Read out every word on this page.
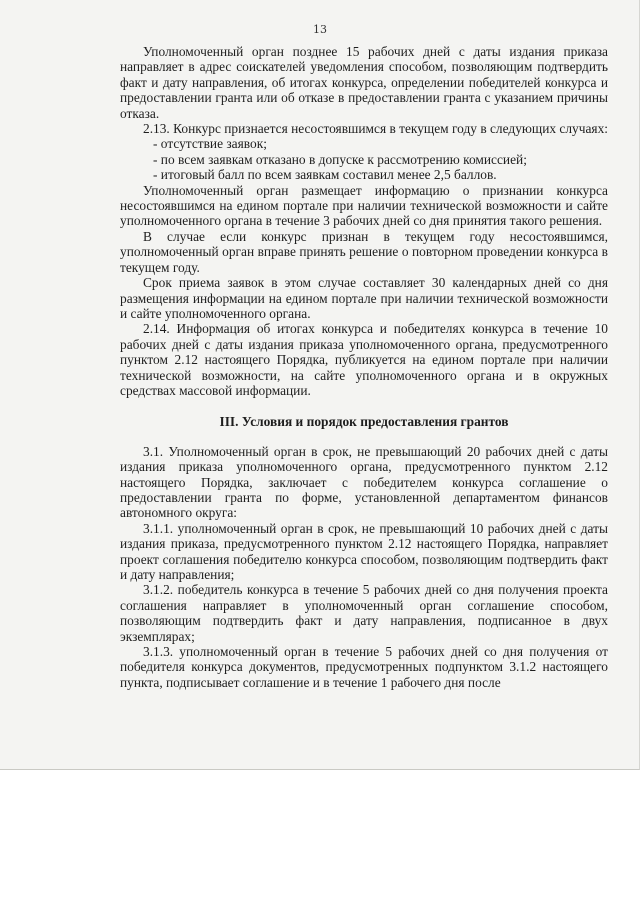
13

Уполномоченный орган позднее 15 рабочих дней с даты издания приказа направляет в адрес соискателей уведомления способом, позволяющим подтвердить факт и дату направления, об итогах конкурса, определении победителей конкурса и предоставлении гранта или об отказе в предоставлении гранта с указанием причины отказа.

2.13. Конкурс признается несостоявшимся в текущем году в следующих случаях:

- отсутствие заявок;

- по всем заявкам отказано в допуске к рассмотрению комиссией;

- итоговый балл по всем заявкам составил менее 2,5 баллов.

Уполномоченный орган размещает информацию о признании конкурса несостоявшимся на едином портале при наличии технической возможности и сайте уполномоченного органа в течение 3 рабочих дней со дня принятия такого решения.

В случае если конкурс признан в текущем году несостоявшимся, уполномоченный орган вправе принять решение о повторном проведении конкурса в текущем году.

Срок приема заявок в этом случае составляет 30 календарных дней со дня размещения информации на едином портале при наличии технической возможности и сайте уполномоченного органа.

2.14. Информация об итогах конкурса и победителях конкурса в течение 10 рабочих дней с даты издания приказа уполномоченного органа, предусмотренного пунктом 2.12 настоящего Порядка, публикуется на едином портале при наличии технической возможности, на сайте уполномоченного органа и в окружных средствах массовой информации.

III. Условия и порядок предоставления грантов

3.1. Уполномоченный орган в срок, не превышающий 20 рабочих дней с даты издания приказа уполномоченного органа, предусмотренного пунктом 2.12 настоящего Порядка, заключает с победителем конкурса соглашение о предоставлении гранта по форме, установленной департаментом финансов автономного округа:

3.1.1. уполномоченный орган в срок, не превышающий 10 рабочих дней с даты издания приказа, предусмотренного пунктом 2.12 настоящего Порядка, направляет проект соглашения победителю конкурса способом, позволяющим подтвердить факт и дату направления;

3.1.2. победитель конкурса в течение 5 рабочих дней со дня получения проекта соглашения направляет в уполномоченный орган соглашение способом, позволяющим подтвердить факт и дату направления, подписанное в двух экземплярах;

3.1.3. уполномоченный орган в течение 5 рабочих дней со дня получения от победителя конкурса документов, предусмотренных подпунктом 3.1.2 настоящего пункта, подписывает соглашение и в течение 1 рабочего дня после
